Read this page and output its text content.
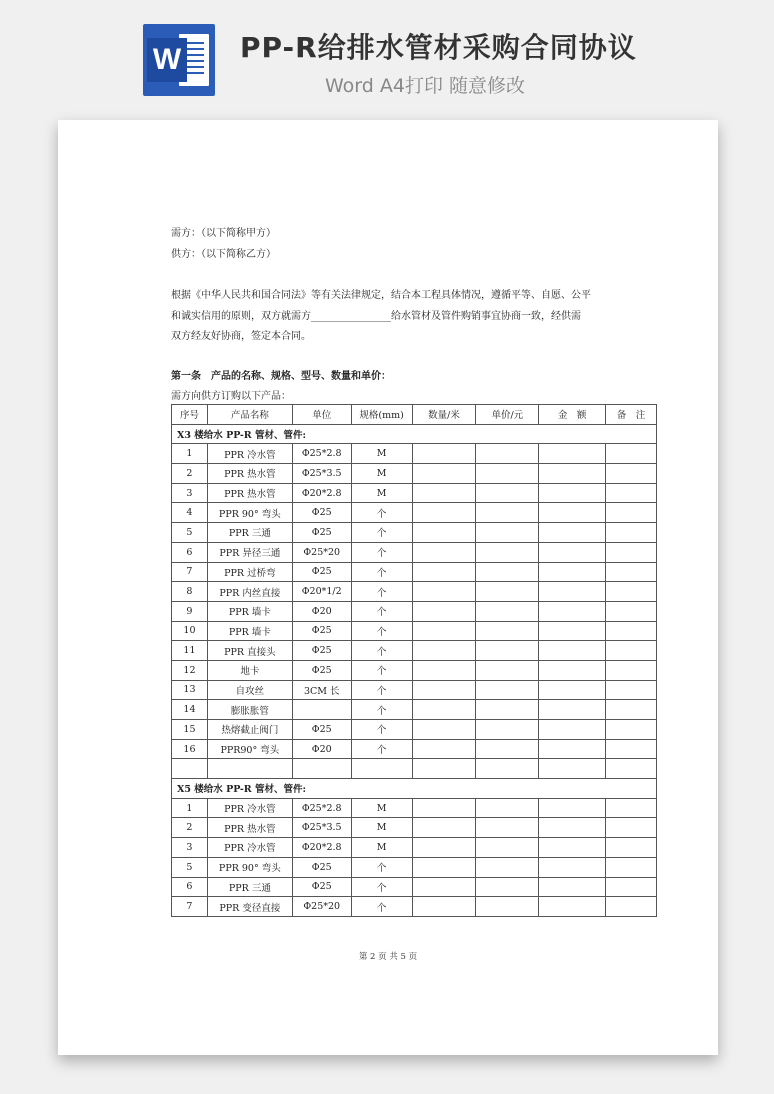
W PP-R给排水管材采购合同协议
Word A4打印 随意修改
需方：（以下简称甲方）
供方：（以下简称乙方）
根据《中华人民共和国合同法》等有关法律规定，结合本工程具体情况，遵循平等、自愿、公平
和诚实信用的原则，双方就需方________________给水管材及管件购销事宜协商一致，经供需
双方经友好协商，签定本合同。
第一条　产品的名称、规格、型号、数量和单价：
需方向供方订购以下产品：
序号	产品名称	单位	规格(mm)	数量/米	单价/元	金　额	备　注
X3 楼给水 PP-R 管材、管件:							
1	PPR 冷水管	Φ25*2.8	M				
2	PPR 热水管	Φ25*3.5	M				
3	PPR 热水管	Φ20*2.8	M				
4	PPR 90° 弯头	Φ25	个				
5	PPR 三通	Φ25	个				
6	PPR 异径三通	Φ25*20	个				
7	PPR 过桥弯	Φ25	个				
8	PPR 内丝直接	Φ20*1/2	个				
9	PPR 墙卡	Φ20	个				
10	PPR 墙卡	Φ25	个				
11	PPR 直接头	Φ25	个				
12	地卡	Φ25	个				
13	自攻丝	3CM 长	个				
14	膨胀胀管		个				
15	热熔截止阀门	Φ25	个				
16	PPR90° 弯头	Φ20	个				

X5 楼给水 PP-R 管材、管件:							
1	PPR 冷水管	Φ25*2.8	M				
2	PPR 热水管	Φ25*3.5	M				
3	PPR 冷水管	Φ20*2.8	M				
5	PPR 90° 弯头	Φ25	个				
6	PPR 三通	Φ25	个				
7	PPR 变径直接	Φ25*20	个				
第 2 页 共 5 页
